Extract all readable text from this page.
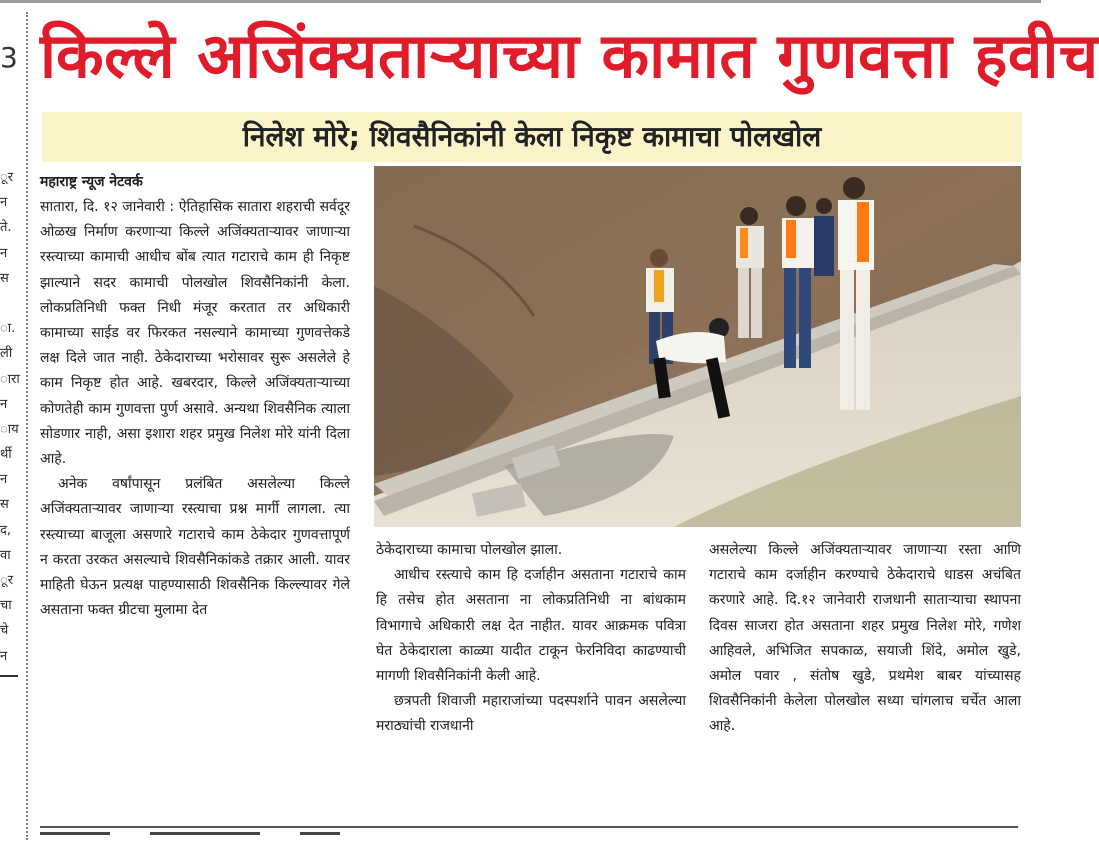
3
ूर
न
ते.
न
स
ा.
ली
ारा
न
ाय
र्थी
न
स
द,
वा
ूर
चा
चे
न
किल्ले अजिंक्यताऱ्याच्या कामात गुणवत्ता हवीच
निलेश मोरे; शिवसैनिकांनी केला निकृष्ट कामाचा पोलखोल
महाराष्ट्र न्यूज नेटवर्क

सातारा, दि. १२ जानेवारी : ऐतिहासिक सातारा शहराची सर्वदूर ओळख निर्माण करणाऱ्या किल्ले अजिंक्यताऱ्यावर जाणाऱ्या रस्त्याच्या कामाची आधीच बोंब त्यात गटाराचे काम ही निकृष्ट झाल्याने सदर कामाची पोलखोल शिवसैनिकांनी केला. लोकप्रतिनिधी फक्त निधी मंजूर करतात तर अधिकारी कामाच्या साईड वर फिरकत नसल्याने कामाच्या गुणवत्तेकडे लक्ष दिले जात नाही. ठेकेदाराच्या भरोसावर सुरू असलेले हे काम निकृष्ट होत आहे. खबरदार, किल्ले अजिंक्यताऱ्याच्या कोणतेही काम गुणवत्ता पुर्ण असावे. अन्यथा शिवसैनिक त्याला सोडणार नाही, असा इशारा शहर प्रमुख निलेश मोरे यांनी दिला आहे.

अनेक वर्षांपासून प्रलंबित असलेल्या किल्ले अजिंक्यताऱ्यावर जाणाऱ्या रस्त्याचा प्रश्न मार्गी लागला. त्या रस्त्याच्या बाजूला असणारे गटाराचे काम ठेकेदार गुणवत्तापूर्ण न करता उरकत असल्याचे शिवसैनिकांकडे तक्रार आली. यावर माहिती घेऊन प्रत्यक्ष पाहण्यासाठी शिवसैनिक किल्ल्यावर गेले असताना फक्त ग्रीटचा मुलामा देत

ठेकेदाराच्या कामाचा पोलखोल झाला.

आधीच रस्त्याचे काम हि दर्जाहीन असताना गटाराचे काम हि तसेच होत असताना ना लोकप्रतिनिधी ना बांधकाम विभागाचे अधिकारी लक्ष देत नाहीत. यावर आक्रमक पवित्रा घेत ठेकेदाराला काळ्या यादीत टाकून फेरनिविदा काढण्याची मागणी शिवसैनिकांनी केली आहे.

छत्रपती शिवाजी महाराजांच्या पदस्पर्शाने पावन असलेल्या मराठ्यांची राजधानी

असलेल्या किल्ले अजिंक्यताऱ्यावर जाणाऱ्या रस्ता आणि गटाराचे काम दर्जाहीन करण्याचे ठेकेदाराचे धाडस अचंबित करणारे आहे. दि.१२ जानेवारी राजधानी साताऱ्याचा स्थापना दिवस साजरा होत असताना शहर प्रमुख निलेश मोरे, गणेश आहिवले, अभिजित सपकाळ, सयाजी शिंदे, अमोल खुडे, अमोल पवार , संतोष खुडे, प्रथमेश बाबर यांच्यासह शिवसैनिकांनी केलेला पोलखोल सध्या चांगलाच चर्चेत आला आहे.
